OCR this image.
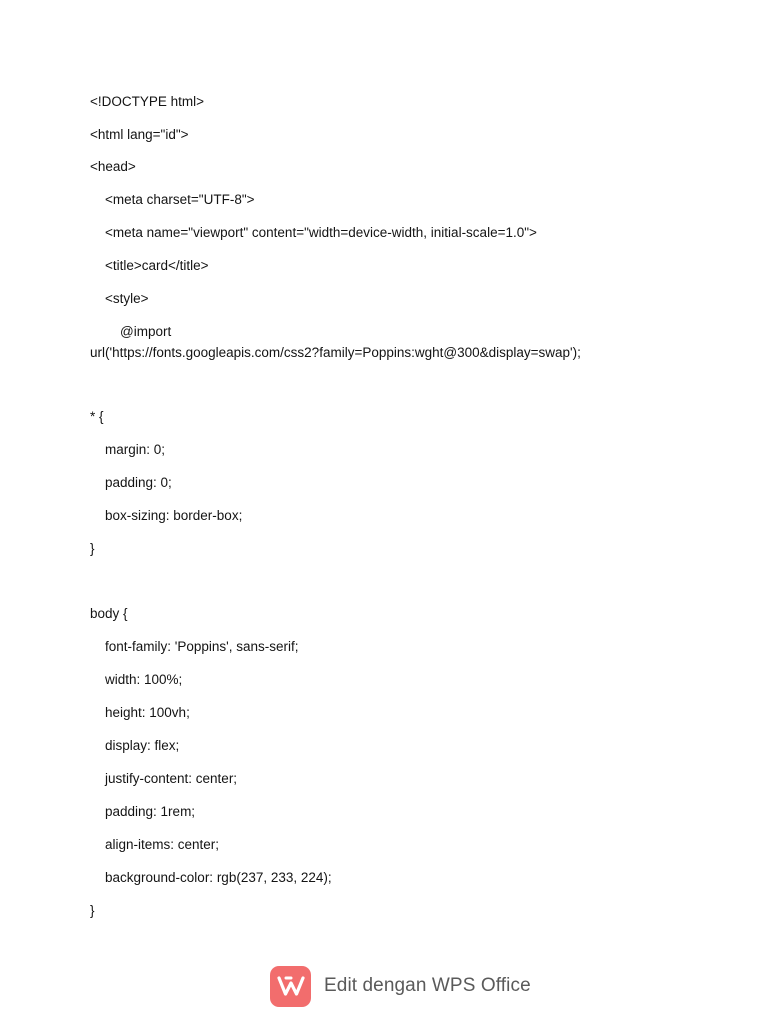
<!DOCTYPE html>
<html lang="id">
<head>
<meta charset="UTF-8">
<meta name="viewport" content="width=device-width, initial-scale=1.0">
<title>card</title>
<style>
@import
url('https://fonts.googleapis.com/css2?family=Poppins:wght@300&display=swap');
* {
margin: 0;
padding: 0;
box-sizing: border-box;
}
body {
font-family: 'Poppins', sans-serif;
width: 100%;
height: 100vh;
display: flex;
justify-content: center;
padding: 1rem;
align-items: center;
background-color: rgb(237, 233, 224);
}
Edit dengan WPS Office
